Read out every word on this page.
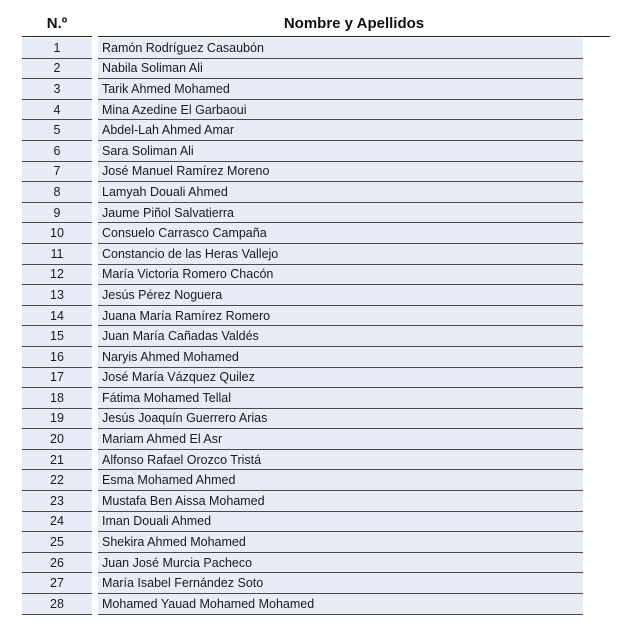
N.º	Nombre y Apellidos
1	Ramón Rodríguez Casaubón
2	Nabila Soliman Ali
3	Tarik Ahmed Mohamed
4	Mina Azedine El Garbaoui
5	Abdel-Lah Ahmed Amar
6	Sara Soliman Ali
7	José Manuel Ramírez Moreno
8	Lamyah Douali Ahmed
9	Jaume Piñol Salvatierra
10	Consuelo Carrasco Campaña
11	Constancio de las Heras Vallejo
12	María Victoria Romero Chacón
13	Jesús Pérez Noguera
14	Juana María Ramírez Romero
15	Juan María Cañadas Valdés
16	Naryis Ahmed Mohamed
17	José María Vázquez Quilez
18	Fátima Mohamed Tellal
19	Jesús Joaquín Guerrero Arias
20	Mariam Ahmed El Asr
21	Alfonso Rafael Orozco Tristá
22	Esma Mohamed Ahmed
23	Mustafa Ben Aissa Mohamed
24	Iman Douali Ahmed
25	Shekira Ahmed Mohamed
26	Juan José Murcia Pacheco
27	María Isabel Fernández Soto
28	Mohamed Yauad Mohamed Mohamed
